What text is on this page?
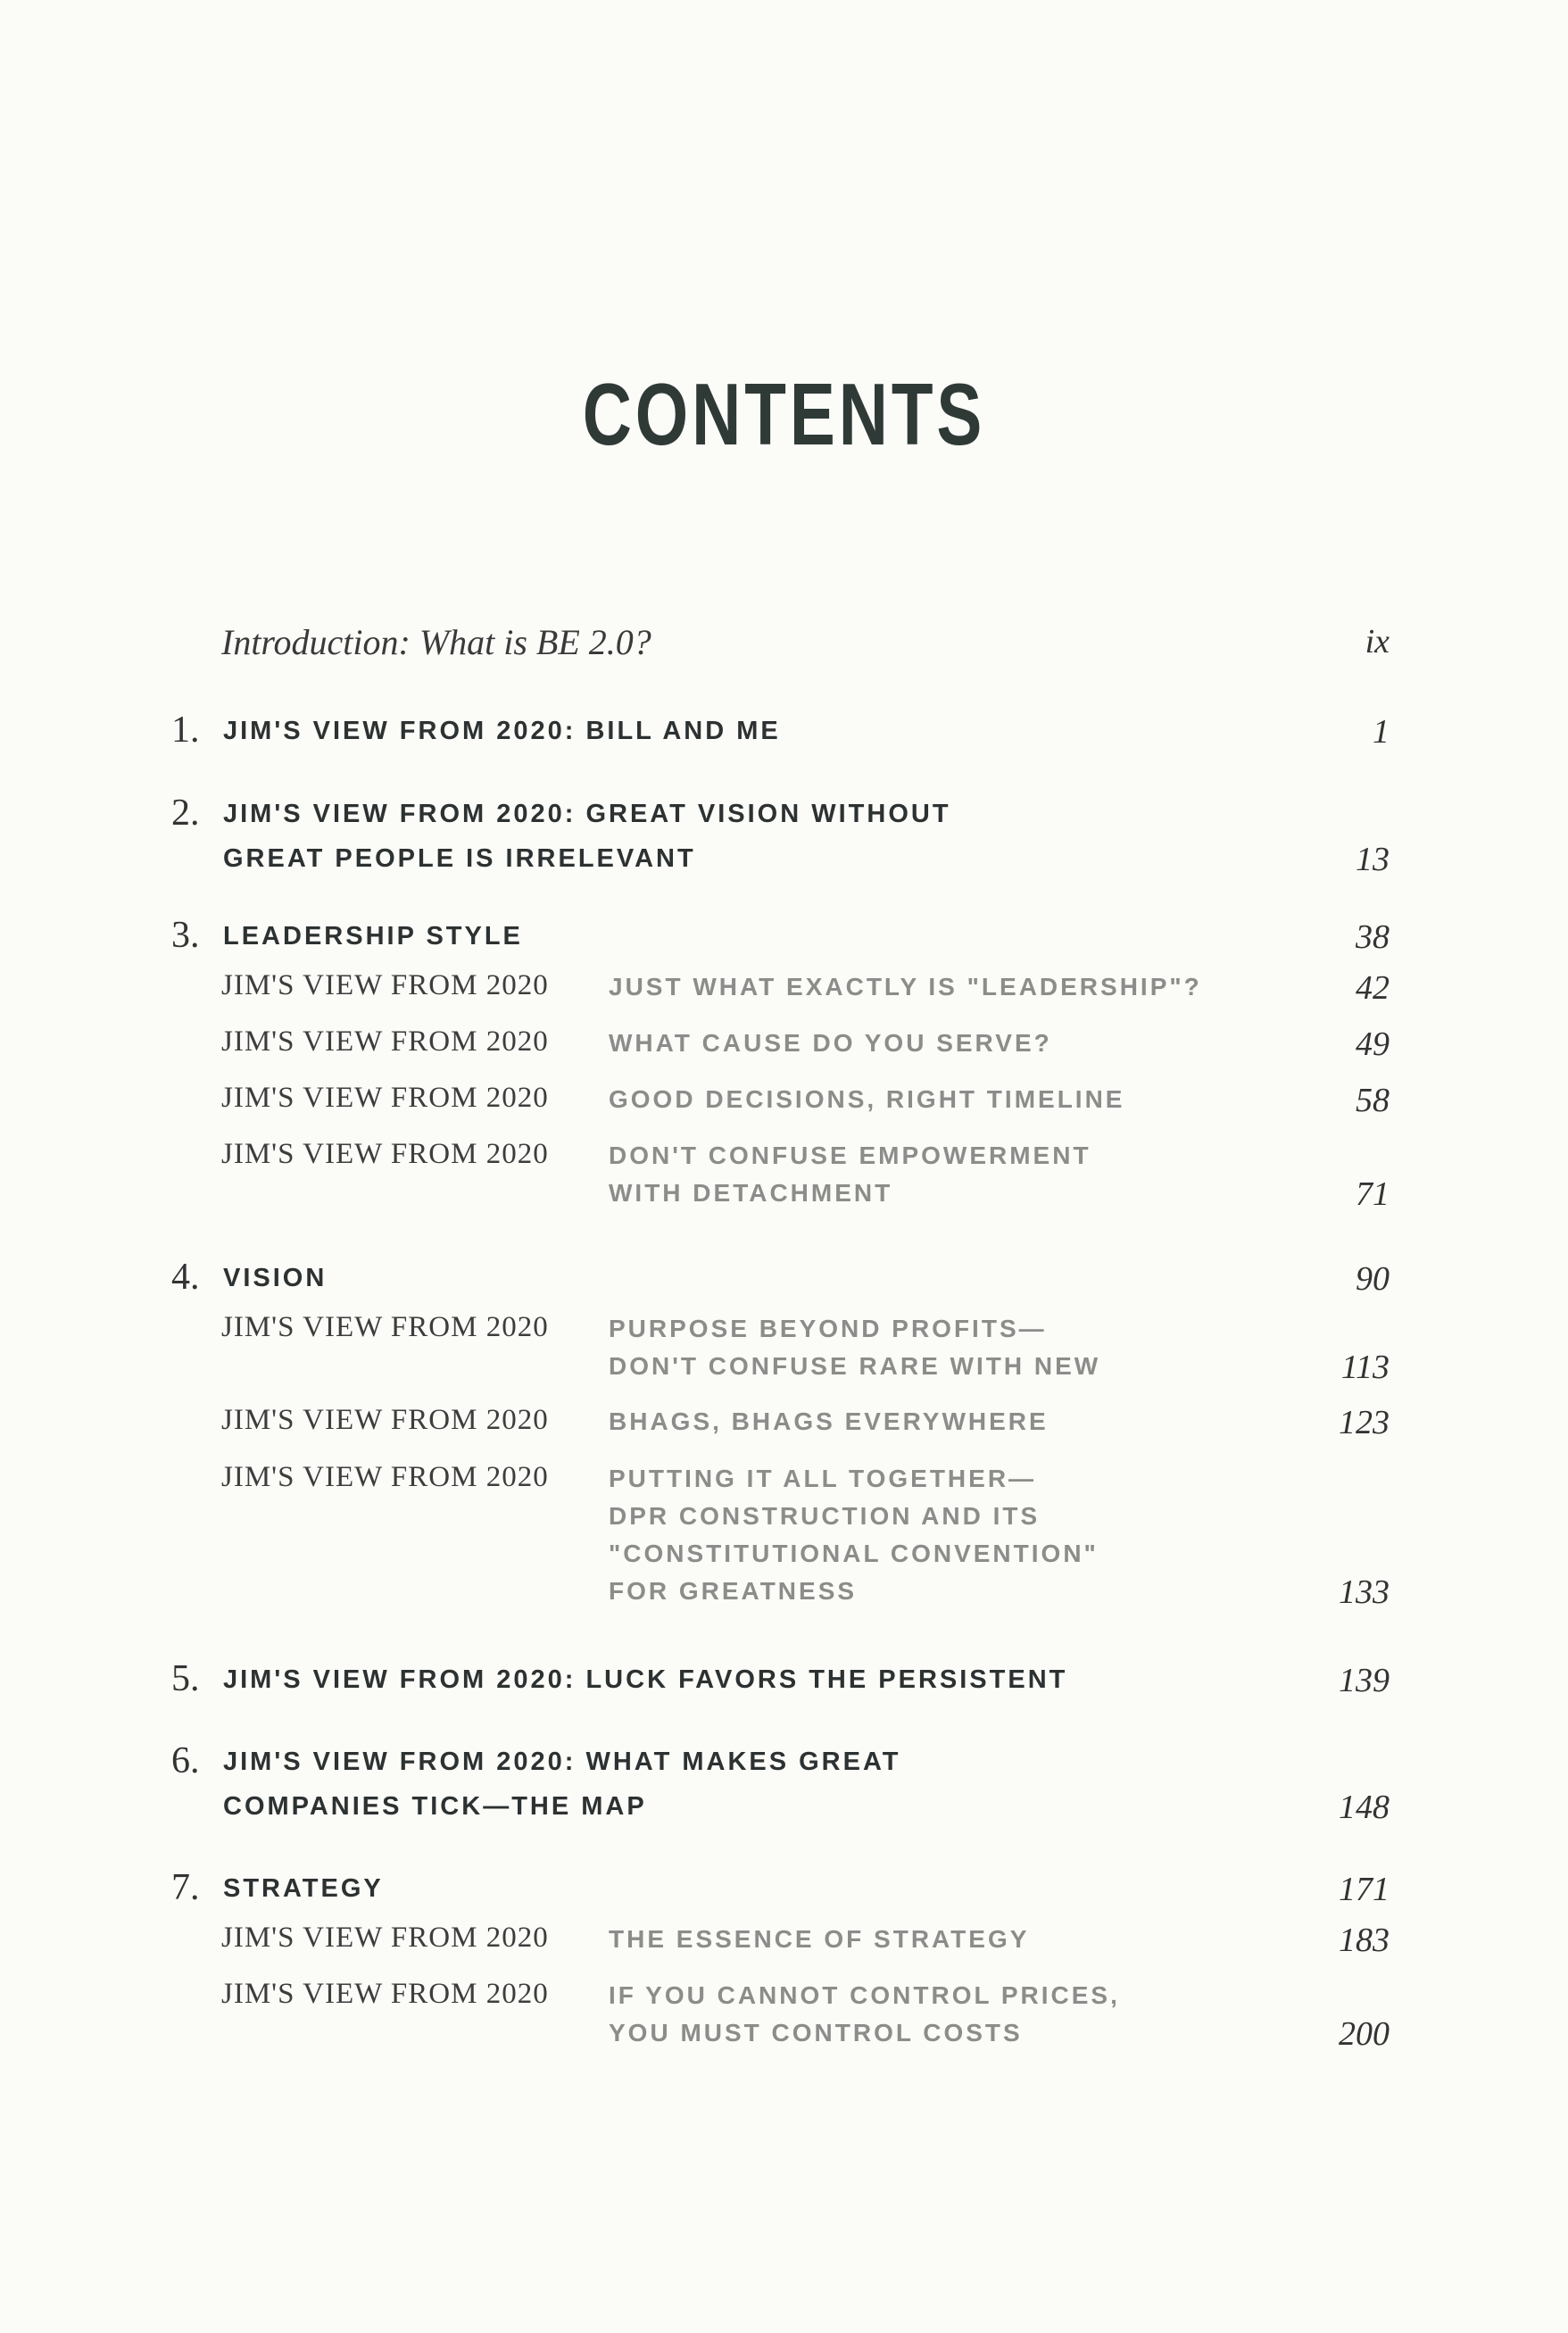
CONTENTS
Introduction: What is BE 2.0?	ix
1. JIM'S VIEW FROM 2020: BILL AND ME	1
2. JIM'S VIEW FROM 2020: GREAT VISION WITHOUT
GREAT PEOPLE IS IRRELEVANT	13
3. LEADERSHIP STYLE	38
JIM'S VIEW FROM 2020 JUST WHAT EXACTLY IS "LEADERSHIP"?	42
JIM'S VIEW FROM 2020 WHAT CAUSE DO YOU SERVE?	49
JIM'S VIEW FROM 2020 GOOD DECISIONS, RIGHT TIMELINE	58
JIM'S VIEW FROM 2020 DON'T CONFUSE EMPOWERMENT
WITH DETACHMENT	71
4. VISION	90
JIM'S VIEW FROM 2020 PURPOSE BEYOND PROFITS—
DON'T CONFUSE RARE WITH NEW	113
JIM'S VIEW FROM 2020 BHAGS, BHAGS EVERYWHERE	123
JIM'S VIEW FROM 2020 PUTTING IT ALL TOGETHER—
DPR CONSTRUCTION AND ITS
"CONSTITUTIONAL CONVENTION"
FOR GREATNESS	133
5. JIM'S VIEW FROM 2020: LUCK FAVORS THE PERSISTENT	139
6. JIM'S VIEW FROM 2020: WHAT MAKES GREAT
COMPANIES TICK—THE MAP	148
7. STRATEGY	171
JIM'S VIEW FROM 2020 THE ESSENCE OF STRATEGY	183
JIM'S VIEW FROM 2020 IF YOU CANNOT CONTROL PRICES,
YOU MUST CONTROL COSTS	200
